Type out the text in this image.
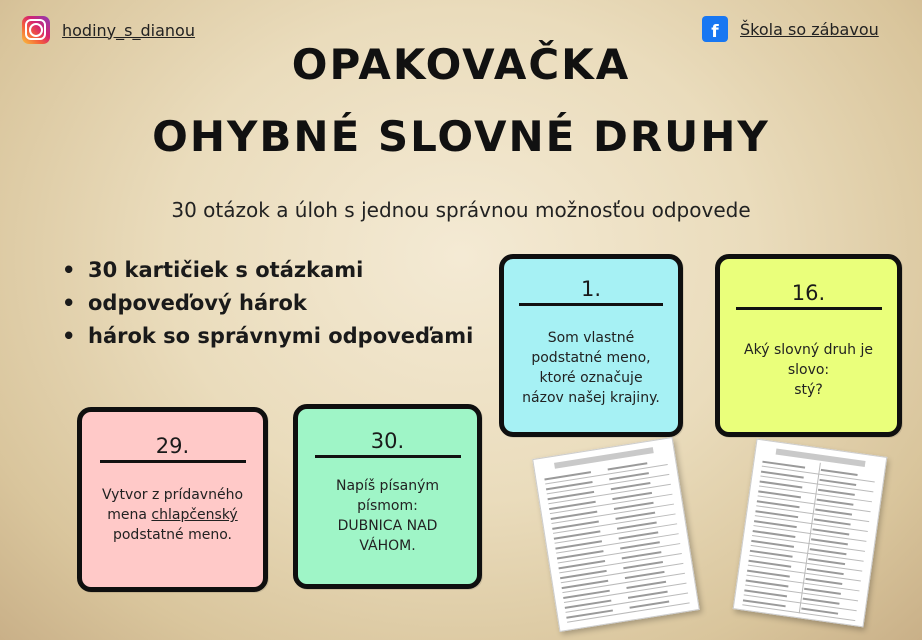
hodiny_s_dianou	f	Škola so zábavou
OPAKOVAČKA
OHYBNÉ SLOVNÉ DRUHY

30 otázok a úloh s jednou správnou možnosťou odpovede

• 30 kartičiek s otázkami
• odpoveďový hárok
• hárok so správnymi odpoveďami
1.
Som vlastné
podstatné meno,
ktoré označuje
názov našej krajiny.
16.
Aký slovný druh je
slovo:
stý?
29.
Vytvor z prídavného
mena chlapčenský
podstatné meno.
30.
Napíš písaným
písmom:
DUBNICA NAD
VÁHOM.
